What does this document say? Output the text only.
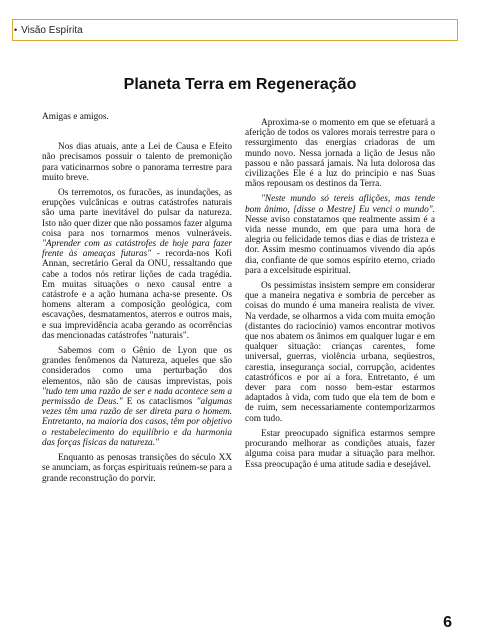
• Visão Espírita
Planeta Terra em Regeneração

Amigas e amigos.

Nos dias atuais, ante a Lei de Causa e Efeito não precisamos possuir o talento de premonição para vaticinarmos sobre o panorama terrestre para muito breve.

Os terremotos, os furacões, as inundações, as erupções vulcânicas e outras catástrofes naturais são uma parte inevitável do pulsar da natureza. Isto não quer dizer que não possamos fazer alguma coisa para nos tornarmos menos vulneráveis. "Aprender com as catástrofes de hoje para fazer frente às ameaças futuras" - recorda-nos Kofi Annan, secretário Geral da ONU, ressaltando que cabe a todos nós retirar lições de cada tragédia. Em muitas situações o nexo causal entre a catástrofe e a ação humana acha-se presente. Os homens alteram a composição geológica, com escavações, desmatamentos, aterros e outros mais, e sua imprevidência acaba gerando as ocorrências das mencionadas catástrofes "naturais".

Sabemos com o Gênio de Lyon que os grandes fenômenos da Natureza, aqueles que são considerados como uma perturbação dos elementos, não são de causas imprevistas, pois "tudo tem uma razão de ser e nada acontece sem a permissão de Deus." E os cataclismos "algumas vezes têm uma razão de ser direta para o homem. Entretanto, na maioria dos casos, têm por objetivo o restabelecimento do equilíbrio e da harmonia das forças físicas da natureza."

Enquanto as penosas transições do século XX se anunciam, as forças espirituais reúnem-se para a grande reconstrução do porvir.

Aproxima-se o momento em que se efetuará a aferição de todos os valores morais terrestre para o ressurgimento das energias criadoras de um mundo novo. Nessa jornada a lição de Jesus não passou e não passará jamais. Na luta dolorosa das civilizações Ele é a luz do princípio e nas Suas mãos repousam os destinos da Terra.

"Neste mundo só tereis aflições, mas tende bom ânimo, [disse o Mestre] Eu venci o mundo". Nesse aviso constatamos que realmente assim é a vida nesse mundo, em que para uma hora de alegria ou felicidade temos dias e dias de tristeza e dor. Assim mesmo continuamos vivendo dia após dia, confiante de que somos espírito eterno, criado para a excelsitude espiritual.

Os pessimistas insistem sempre em considerar que a maneira negativa e sombria de perceber as coisas do mundo é uma maneira realista de viver. Na verdade, se olharmos a vida com muita emoção (distantes do raciocínio) vamos encontrar motivos que nos abatem os ânimos em qualquer lugar e em qualquer situação: crianças carentes, fome universal, guerras, violência urbana, seqüestros, carestia, insegurança social, corrupção, acidentes catastróficos e por aí a fora. Entretanto, é um dever para com nosso bem-estar estarmos adaptados à vida, com tudo que ela tem de bom e de ruim, sem necessariamente contemporizarmos com tudo.

Estar preocupado significa estarmos sempre procurando melhorar as condições atuais, fazer alguma coisa para mudar a situação para melhor. Essa preocupação é uma atitude sadia e desejável.

6
